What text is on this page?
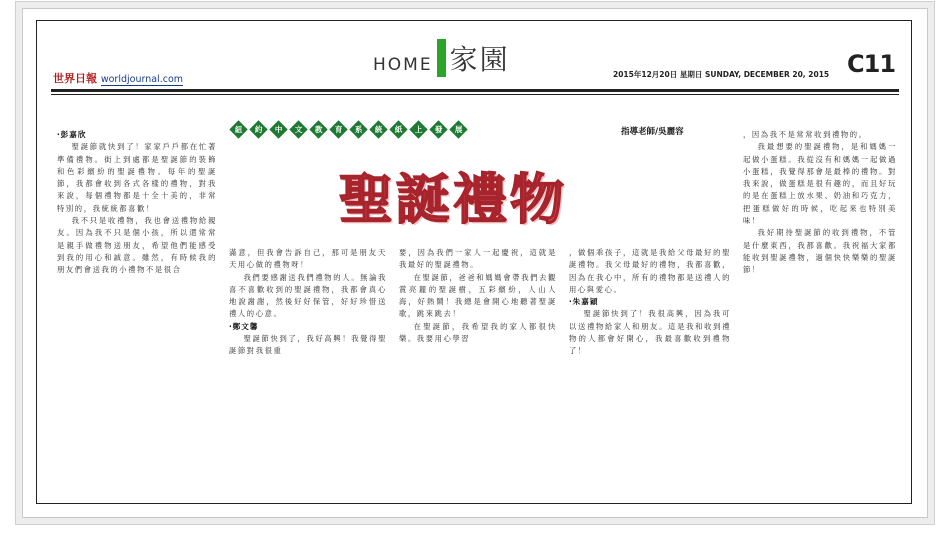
世界日報 worldjournal.com
HOME 家園	2015年12月20日 星期日 SUNDAY, DECEMBER 20, 2015 C11
‧彭嘉欣

聖誕節就快到了！家家戶戶都在忙著準備禮物。街上到處都是聖誕節的裝飾和色彩繽紛的聖誕禮物。每年的聖誕節，我都會收到各式各樣的禮物，對我來說，每個禮物都是十全十美的，非常特別的，我統統都喜歡！

我不只是收禮物，我也會送禮物給親友。因為我不只是個小孩，所以還常常是親手做禮物送朋友，希望他們能感受到我的用心和誠意。雖然，有時候我的朋友們會送我的小禮物不是很合

紐 約 中 文 教 育 系 統 紙 上 發 展
聖誕禮物

滿意，但我會告訴自己，那可是朋友天天用心做的禮物呀！

我們要感謝送我們禮物的人。無論我喜不喜歡收到的聖誕禮物，我都會真心地說謝謝，然後好好保管，好好珍惜送禮人的心意。

‧鄭文馨

聖誕節快到了，我好高興！我覺得聖誕節對我很重

要，因為我們一家人一起慶祝，這就是我最好的聖誕禮物。

在聖誕節，爸爸和媽媽會帶我們去觀賞亮麗的聖誕樹，五彩繽紛，人山人海，好熱鬧！我總是會開心地聽著聖誕歌，跳來跳去！

在聖誕節，我希望我的家人都很快樂。我要用心學習

指導老師/吳麗容

，做個乖孩子，這就是我給父母最好的聖誕禮物。我父母最好的禮物，我都喜歡，因為在我心中，所有的禮物都是送禮人的用心與愛心。

‧朱嘉穎

聖誕節快到了！我很高興，因為我可以送禮物給家人和朋友。這是我和收到禮物的人都會好開心，我最喜歡收到禮物了！

，因為我不是常常收到禮物的。

我最想要的聖誕禮物，是和媽媽一起做小蛋糕。我從沒有和媽媽一起做過小蛋糕，我覺得那會是最棒的禮物。對我來說，做蛋糕是很有趣的，而且好玩的是在蛋糕上放水果、奶油和巧克力，把蛋糕做好的時候，吃起來也特別美味！

我好期待聖誕節的收到禮物，不管是什麼東西，我都喜歡。我祝福大家都能收到聖誕禮物，過個快快樂樂的聖誕節！
